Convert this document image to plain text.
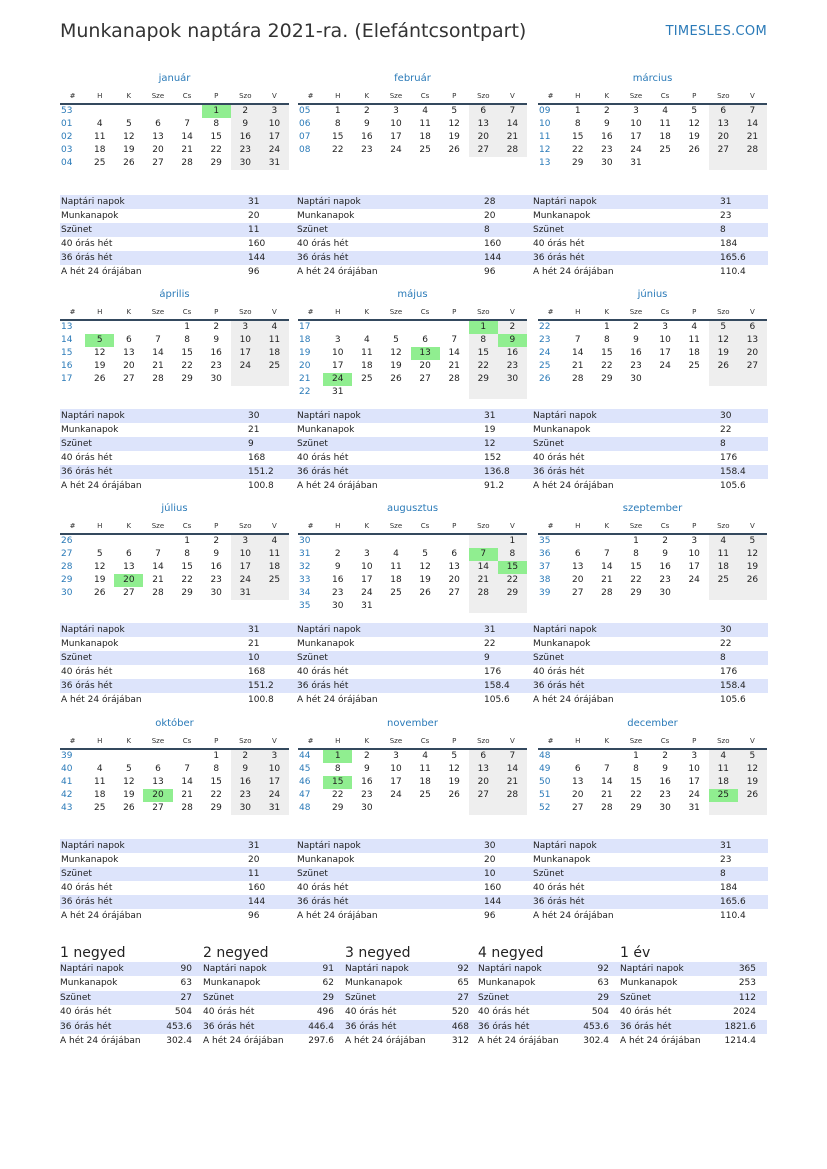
Munkanapok naptára 2021-ra. (Elefántcsontpart)	TIMESLES.COM
január
#	H	K	Sze	Cs	P	Szo	V
53					1	2	3
01	4	5	6	7	8	9	10
02	11	12	13	14	15	16	17
03	18	19	20	21	22	23	24
04	25	26	27	28	29	30	31
Naptári napok	31
Munkanapok	20
Szünet	11
40 órás hét	160
36 órás hét	144
A hét 24 órájában	96
február
#	H	K	Sze	Cs	P	Szo	V
05	1	2	3	4	5	6	7
06	8	9	10	11	12	13	14
07	15	16	17	18	19	20	21
08	22	23	24	25	26	27	28
Naptári napok	28
Munkanapok	20
Szünet	8
40 órás hét	160
36 órás hét	144
A hét 24 órájában	96
március
#	H	K	Sze	Cs	P	Szo	V
09	1	2	3	4	5	6	7
10	8	9	10	11	12	13	14
11	15	16	17	18	19	20	21
12	22	23	24	25	26	27	28
13	29	30	31				
Naptári napok	31
Munkanapok	23
Szünet	8
40 órás hét	184
36 órás hét	165.6
A hét 24 órájában	110.4
április
#	H	K	Sze	Cs	P	Szo	V
13				1	2	3	4
14	5	6	7	8	9	10	11
15	12	13	14	15	16	17	18
16	19	20	21	22	23	24	25
17	26	27	28	29	30		
Naptári napok	30
Munkanapok	21
Szünet	9
40 órás hét	168
36 órás hét	151.2
A hét 24 órájában	100.8
május
#	H	K	Sze	Cs	P	Szo	V
17						1	2
18	3	4	5	6	7	8	9
19	10	11	12	13	14	15	16
20	17	18	19	20	21	22	23
21	24	25	26	27	28	29	30
22	31						
Naptári napok	31
Munkanapok	19
Szünet	12
40 órás hét	152
36 órás hét	136.8
A hét 24 órájában	91.2
június
#	H	K	Sze	Cs	P	Szo	V
22		1	2	3	4	5	6
23	7	8	9	10	11	12	13
24	14	15	16	17	18	19	20
25	21	22	23	24	25	26	27
26	28	29	30				
Naptári napok	30
Munkanapok	22
Szünet	8
40 órás hét	176
36 órás hét	158.4
A hét 24 órájában	105.6
július
#	H	K	Sze	Cs	P	Szo	V
26				1	2	3	4
27	5	6	7	8	9	10	11
28	12	13	14	15	16	17	18
29	19	20	21	22	23	24	25
30	26	27	28	29	30	31	
Naptári napok	31
Munkanapok	21
Szünet	10
40 órás hét	168
36 órás hét	151.2
A hét 24 órájában	100.8
augusztus
#	H	K	Sze	Cs	P	Szo	V
30							1
31	2	3	4	5	6	7	8
32	9	10	11	12	13	14	15
33	16	17	18	19	20	21	22
34	23	24	25	26	27	28	29
35	30	31					
Naptári napok	31
Munkanapok	22
Szünet	9
40 órás hét	176
36 órás hét	158.4
A hét 24 órájában	105.6
szeptember
#	H	K	Sze	Cs	P	Szo	V
35			1	2	3	4	5
36	6	7	8	9	10	11	12
37	13	14	15	16	17	18	19
38	20	21	22	23	24	25	26
39	27	28	29	30			
Naptári napok	30
Munkanapok	22
Szünet	8
40 órás hét	176
36 órás hét	158.4
A hét 24 órájában	105.6
október
#	H	K	Sze	Cs	P	Szo	V
39					1	2	3
40	4	5	6	7	8	9	10
41	11	12	13	14	15	16	17
42	18	19	20	21	22	23	24
43	25	26	27	28	29	30	31
Naptári napok	31
Munkanapok	20
Szünet	11
40 órás hét	160
36 órás hét	144
A hét 24 órájában	96
november
#	H	K	Sze	Cs	P	Szo	V
44	1	2	3	4	5	6	7
45	8	9	10	11	12	13	14
46	15	16	17	18	19	20	21
47	22	23	24	25	26	27	28
48	29	30					
Naptári napok	30
Munkanapok	20
Szünet	10
40 órás hét	160
36 órás hét	144
A hét 24 órájában	96
december
#	H	K	Sze	Cs	P	Szo	V
48			1	2	3	4	5
49	6	7	8	9	10	11	12
50	13	14	15	16	17	18	19
51	20	21	22	23	24	25	26
52	27	28	29	30	31		
Naptári napok	31
Munkanapok	23
Szünet	8
40 órás hét	184
36 órás hét	165.6
A hét 24 órájában	110.4
1 negyed
Naptári napok	90
Munkanapok	63
Szünet	27
40 órás hét	504
36 órás hét	453.6
A hét 24 órájában	302.4
2 negyed
Naptári napok	91
Munkanapok	62
Szünet	29
40 órás hét	496
36 órás hét	446.4
A hét 24 órájában	297.6
3 negyed
Naptári napok	92
Munkanapok	65
Szünet	27
40 órás hét	520
36 órás hét	468
A hét 24 órájában	312
4 negyed
Naptári napok	92
Munkanapok	63
Szünet	29
40 órás hét	504
36 órás hét	453.6
A hét 24 órájában	302.4
1 év
Naptári napok	365
Munkanapok	253
Szünet	112
40 órás hét	2024
36 órás hét	1821.6
A hét 24 órájában	1214.4
